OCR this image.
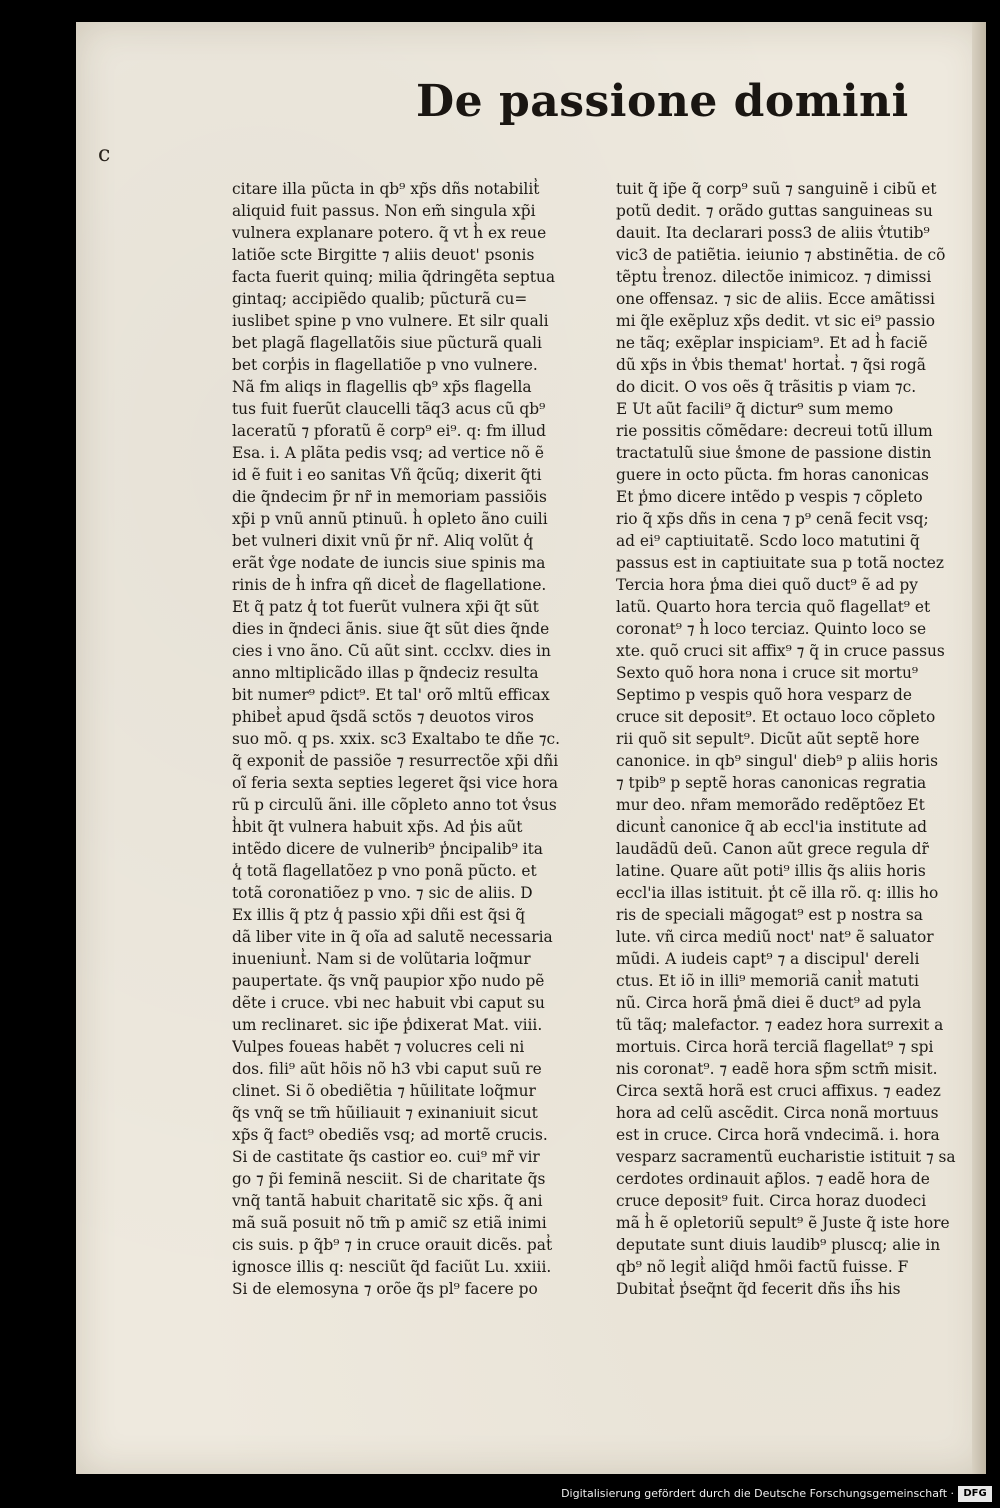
De passione domini
c
citare illa pũcta in qb⁹ xp̃s dñs notabilit̾
aliquid fuit passus. Non em̃ singula xp̃i
vulnera explanare potero. q̃ vt h̾ ex reue
latiõe scte Birgitte ⁊ aliis deuot' psonis
facta fuerit quinq; milia q̃dringẽta septua
gintaq; accipiẽdo qualib; pũcturã cu=
iuslibet spine p vno vulnere. Et silr quali
bet plagã flagellatõis siue pũcturã quali
bet corp̾is in flagellatiõe p vno vulnere.
Nã fm aliqs in flagellis qb⁹ xp̃s flagella
tus fuit fuerũt claucelli tãq3 acus cũ qb⁹
laceratũ ⁊ pforatũ ẽ corp⁹ ei⁹. q: fm illud
Esa. i. A plãta pedis vsq; ad vertice nõ ẽ
id ẽ fuit i eo sanitas Vñ q̃cũq; dixerit q̃ti
die q̃ndecim p̃r nr̃ in memoriam passiõis
xp̃i p vnũ annũ ptinuũ. h̾ opleto ãno cuili
bet vulneri dixit vnũ p̃r nr̃. Aliq volũt q̾
erãt v̾ge nodate de iuncis siue spinis ma
rinis de h̾ infra qñ dicet̾ de flagellatione.
Et q̃ patz q̾ tot fuerũt vulnera xp̃i q̃t sũt
dies in q̃ndeci ãnis. siue q̃t sũt dies q̃nde
cies i vno ãno. Cũ aũt sint. ccclxv. dies in
anno mltiplicãdo illas p q̃ndeciz resulta
bit numer⁹ pdict⁹. Et tal' orõ mltũ efficax
phibet̾ apud q̃sdã sctõs ⁊ deuotos viros
suo mõ. q ps. xxix. sc3 Exaltabo te dñe ⁊c.
q̃ exponit̾ de passiõe ⁊ resurrectõe xp̃i dñi
oĩ feria sexta septies legeret q̃si vice hora
rũ p circulũ ãni. ille cõpleto anno tot v̾sus
h̾bit q̃t vulnera habuit xp̃s. Ad p̾is aũt
intẽdo dicere de vulnerib⁹ p̾ncipalib⁹ ita
q̾ totã flagellatõez p vno ponã pũcto. et
totã coronatiõez p vno. ⁊ sic de aliis. D
Ex illis q̃ ptz q̾ passio xp̃i dñi est q̃si q̃
dã liber vite in q̃ oĩa ad salutẽ necessaria
inueniunt̾. Nam si de volũtaria loq̃mur
paupertate. q̃s vnq̃ paupior xp̃o nudo pẽ
dẽte i cruce. vbi nec habuit vbi caput su
um reclinaret. sic ip̃e p̾dixerat Mat. viii.
Vulpes foueas habẽt ⁊ volucres celi ni
dos. fili⁹ aũt hõis nõ h3 vbi caput suũ re
clinet. Si õ obediẽtia ⁊ hũilitate loq̃mur
q̃s vnq̃ se tm̃ hũiliauit ⁊ exinaniuit sicut
xp̃s q̃ fact⁹ obediẽs vsq; ad mortẽ crucis.
Si de castitate q̃s castior eo. cui⁹ mr̃ vir
go ⁊ p̃i feminã nesciit. Si de charitate q̃s
vnq̃ tantã habuit charitatẽ sic xp̃s. q̃ ani
mã suã posuit nõ tm̃ p amic̃ sz etiã inimi
cis suis. p q̃b⁹ ⁊ in cruce orauit dicẽs. pat̾
ignosce illis q: nesciũt q̃d faciũt Lu. xxiii.
Si de elemosyna ⁊ orõe q̃s pl⁹ facere po
tuit q̃ ip̃e q̃ corp⁹ suũ ⁊ sanguinẽ i cibũ et
potũ dedit. ⁊ orãdo guttas sanguineas su
dauit. Ita declarari poss3 de aliis v̾tutib⁹
vic3 de patiẽtia. ieiunio ⁊ abstinẽtia. de cõ
tẽptu t̾renoz. dilectõe inimicoz. ⁊ dimissi
one offensaz. ⁊ sic de aliis. Ecce amãtissi
mi q̃le exẽpluz xp̃s dedit. vt sic ei⁹ passio
ne tãq; exẽplar inspiciam⁹. Et ad h̾ faciẽ
dũ xp̃s in v̾bis themat' hortat̾. ⁊ q̃si rogã
do dicit. O vos oẽs q̃ trãsitis p viam ⁊c.
E Ut aũt facili⁹ q̃ dictur⁹ sum memo
rie possitis cõmẽdare: decreui totũ illum
tractatulũ siue s̾mone de passione distin
guere in octo pũcta. fm horas canonicas
Et p̾mo dicere intẽdo p vespis ⁊ cõpleto
rio q̃ xp̃s dñs in cena ⁊ p⁹ cenã fecit vsq;
ad ei⁹ captiuitatẽ. Scdo loco matutini q̃
passus est in captiuitate sua p totã noctez
Tercia hora p̾ma diei quõ duct⁹ ẽ ad py
latũ. Quarto hora tercia quõ flagellat⁹ et
coronat⁹ ⁊ h̾ loco terciaz. Quinto loco se
xte. quõ cruci sit affix⁹ ⁊ q̃ in cruce passus
Sexto quõ hora nona i cruce sit mortu⁹
Septimo p vespis quõ hora vesparz de
cruce sit deposit⁹. Et octauo loco cõpleto
rii quõ sit sepult⁹. Dicũt aũt septẽ hore
canonice. in qb⁹ singul' dieb⁹ p aliis horis
⁊ tpib⁹ p septẽ horas canonicas regratia
mur deo. nr̃am memorãdo redẽptõez Et
dicunt̾ canonice q̃ ab eccl'ia institute ad
laudãdũ deũ. Canon aũt grece regula dr̃
latine. Quare aũt poti⁹ illis q̃s aliis horis
eccl'ia illas istituit. p̾t cẽ illa rõ. q: illis ho
ris de speciali mãgogat⁹ est p nostra sa
lute. vñ circa mediũ noct' nat⁹ ẽ saluator
mũdi. A iudeis capt⁹ ⁊ a discipul' dereli
ctus. Et iõ in illi⁹ memoriã canit̾ matuti
nũ. Circa horã p̾mã diei ẽ duct⁹ ad pyla
tũ tãq; malefactor. ⁊ eadez hora surrexit a
mortuis. Circa horã terciã flagellat⁹ ⁊ spi
nis coronat⁹. ⁊ eadẽ hora sp̃m sctm̃ misit.
Circa sextã horã est cruci affixus. ⁊ eadez
hora ad celũ ascẽdit. Circa nonã mortuus
est in cruce. Circa horã vndecimã. i. hora
vesparz sacramentũ eucharistie istituit ⁊ sa
cerdotes ordinauit ap̃los. ⁊ eadẽ hora de
cruce deposit⁹ fuit. Circa horaz duodeci
mã h̾ ẽ opletoriũ sepult⁹ ẽ Juste q̃ iste hore
deputate sunt diuis laudib⁹ pluscq; alie in
qb⁹ nõ legit̾ aliq̃d hmõi factũ fuisse. F
Dubitat̾ p̾seq̃nt q̃d fecerit dñs ih̃s his
Digitalisierung gefördert durch die Deutsche Forschungsgemeinschaft · DFG
